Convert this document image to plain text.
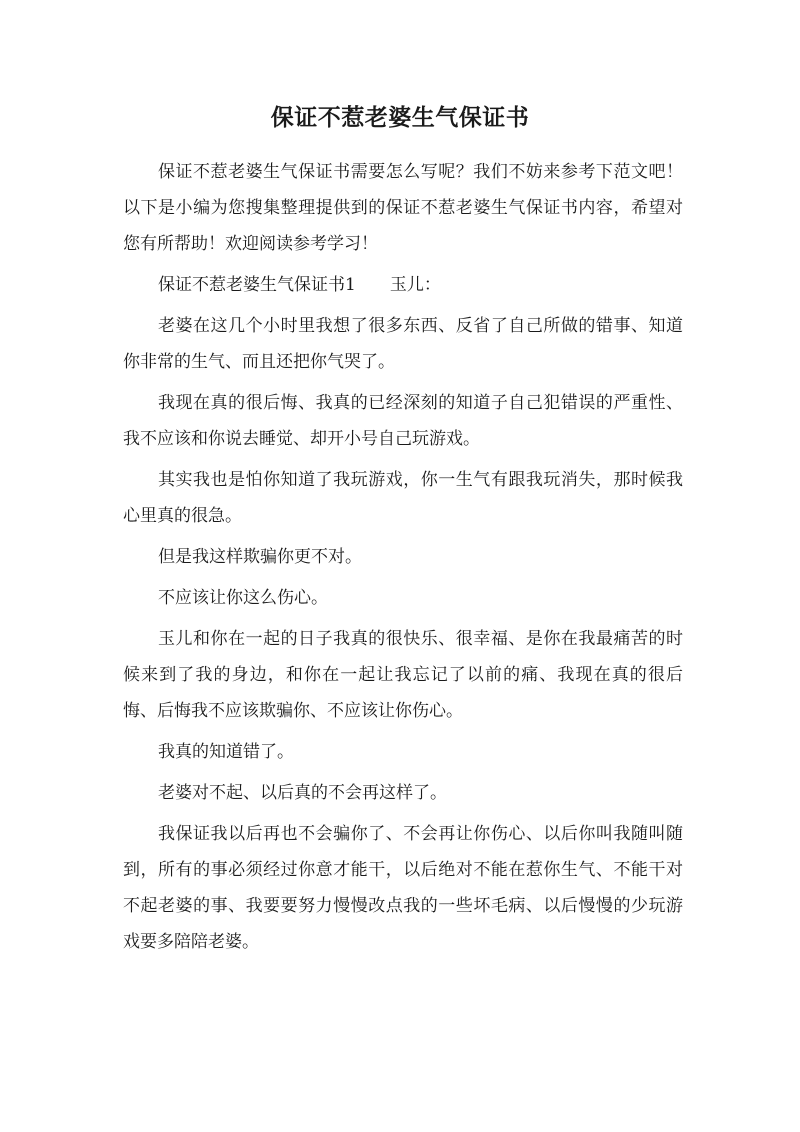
保证不惹老婆生气保证书

保证不惹老婆生气保证书需要怎么写呢？我们不妨来参考下范文吧！以下是小编为您搜集整理提供到的保证不惹老婆生气保证书内容，希望对您有所帮助！欢迎阅读参考学习！

保证不惹老婆生气保证书1　　玉儿：

老婆在这几个小时里我想了很多东西、反省了自己所做的错事、知道你非常的生气、而且还把你气哭了。

我现在真的很后悔、我真的已经深刻的知道子自己犯错误的严重性、我不应该和你说去睡觉、却开小号自己玩游戏。

其实我也是怕你知道了我玩游戏，你一生气有跟我玩消失，那时候我心里真的很急。

但是我这样欺骗你更不对。

不应该让你这么伤心。

玉儿和你在一起的日子我真的很快乐、很幸福、是你在我最痛苦的时候来到了我的身边，和你在一起让我忘记了以前的痛、我现在真的很后悔、后悔我不应该欺骗你、不应该让你伤心。

我真的知道错了。

老婆对不起、以后真的不会再这样了。

我保证我以后再也不会骗你了、不会再让你伤心、以后你叫我随叫随到，所有的事必须经过你意才能干，以后绝对不能在惹你生气、不能干对不起老婆的事、我要要努力慢慢改点我的一些坏毛病、以后慢慢的少玩游戏要多陪陪老婆。
